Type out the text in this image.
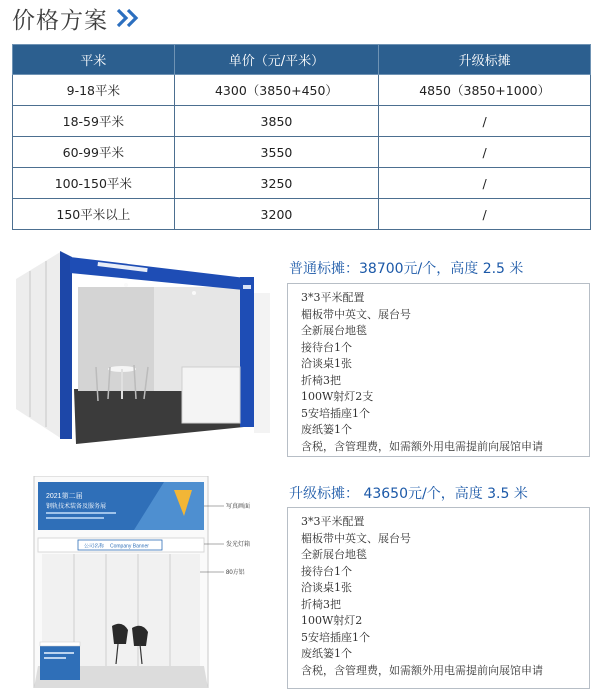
价格方案
平米	单价（元/平米）	升级标摊
9-18平米	4300（3850+450）	4850（3850+1000）
18-59平米	3850	/
60-99平米	3550	/
100-150平米	3250	/
150平米以上	3200	/
普通标摊：38700元/个，高度 2.5 米
3*3平米配置
楣板带中英文、展台号
全新展台地毯
接待台1个
洽谈桌1张
折椅3把
100W射灯2支
5安培插座1个
废纸篓1个
含税，含管理费，如需额外用电需提前向展馆申请
2021第二届
钢轨技术装备及服务展
公司名称 Company Banner
写真画面
发光灯箱
80方铝
升级标摊： 43650元/个，高度 3.5 米
3*3平米配置
楣板带中英文、展台号
全新展台地毯
接待台1个
洽谈桌1张
折椅3把
100W射灯2
5安培插座1个
废纸篓1个
含税，含管理费，如需额外用电需提前向展馆申请
